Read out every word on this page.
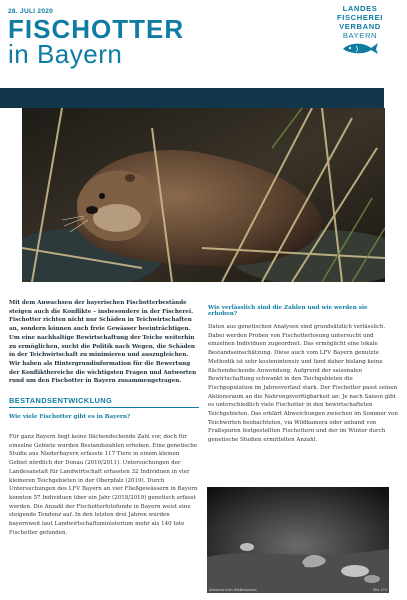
28. JULI 2020
FISCHOTTER
in Bayern
LANDES
FISCHEREI
VERBAND
BAYERN
Mit dem Anwachsen der bayerischen Fischotterbestände steigen auch die Konflikte – insbesondere in der Fischerei. Fischotter richten nicht nur Schäden in Teichwirtschaften an, sondern können auch freie Gewässer beeinträchtigen. Um eine nachhaltige Bewirtschaftung der Teiche weiterhin zu ermöglichen, sucht die Politik nach Wegen, die Schäden in der Teichwirtschaft zu minimieren und auszugleichen. Wir haben als Hintergrundinformation für die Bewertung der Konfliktbereiche die wichtigsten Fragen und Antworten rund um den Fischotter in Bayern zusammengetragen.
BESTANDSENTWICKLUNG
Wie viele Fischotter gibt es in Bayern?
Für ganz Bayern liegt keine flächendeckende Zahl vor, doch für einzelne Gebiete wurden Bestandszahlen erhoben. Eine genetische Studie aus Niederbayern erfasste 117 Tiere in einem kleinen Gebiet nördlich der Donau (2010/2011). Untersuchungen der Landesanstalt für Landwirtschaft erfassten 32 Individuen in vier kleineren Teichgebieten in der Oberpfalz (2019). Durch Untersuchungen des LFV Bayern an vier Fließgewässern in Bayern konnten 57 Individuen über ein Jahr (2018/2019) genetisch erfasst werden. Die Anzahl der Fischotterfotofunde in Bayern weist eine steigende Tendenz auf. In den letzten drei Jahren wurden bayernweit laut Landwirtschaftsministerium mehr als 140 tote Fischotter gefunden.
Wie verlässlich sind die Zahlen und wie werden sie erhoben?
Daten aus genetischen Analysen sind grundsätzlich verlässlich. Dabei werden Proben von Fischotterlosung untersucht und einzelnen Individuen zugeordnet. Das ermöglicht eine lokale Bestandseinschätzung. Diese auch vom LFV Bayern genutzte Methodik ist sehr kostenintensiv und fand daher bislang keine flächendeckende Anwendung. Aufgrund der saisonalen Bewirtschaftung schwankt in den Teichgebieten die Fischpopulation im Jahresverlauf stark. Der Fischotter passt seinen Aktionsraum an die Nahrungsverfügbarkeit an: Je nach Saison gibt es unterschiedlich viele Fischotter in den bewirtschafteten Teichgebieten. Das erklärt Abweichungen zwischen im Sommer von Teichwirten beobachteten, via Wildkamera oder anhand von Fraßspuren festgestellten Fischottern und der im Winter durch genetische Studien ermittelten Anzahl.
Aufnahme einer Wildtierkamera	Bild: LFV
